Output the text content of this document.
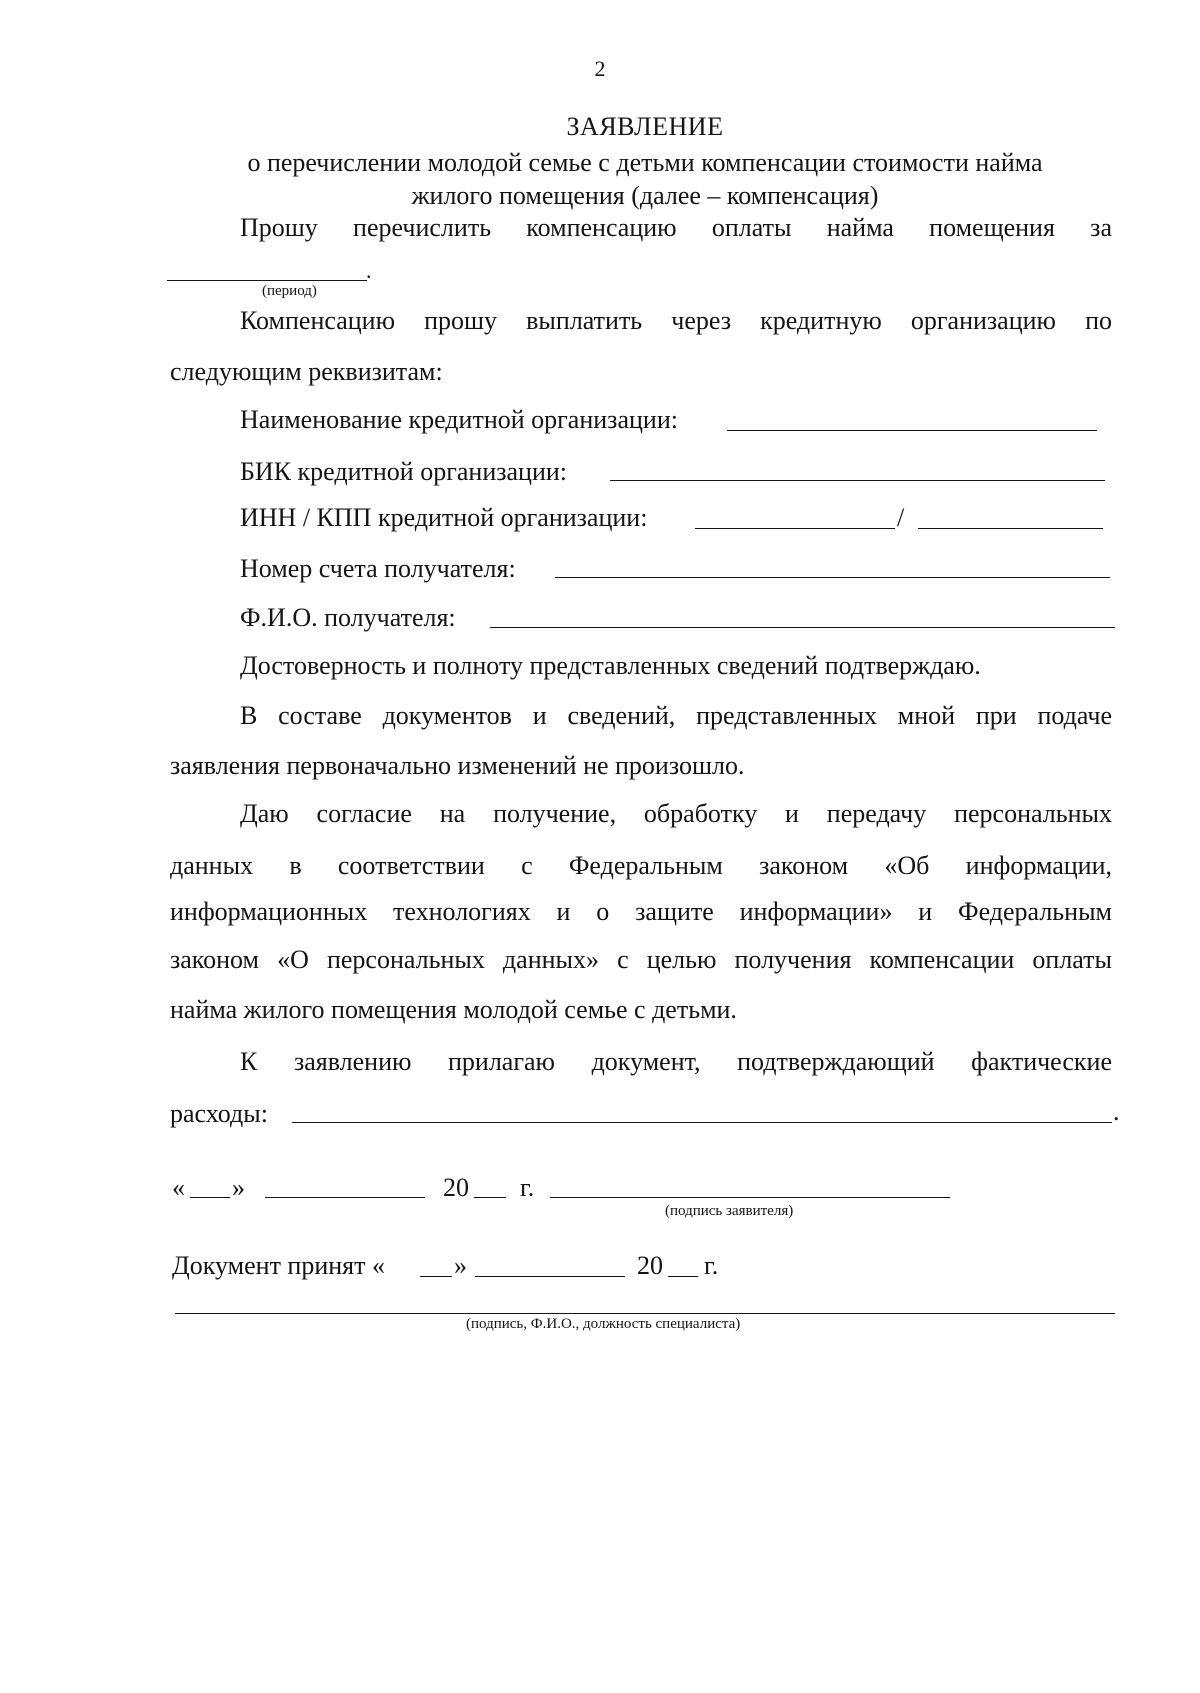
2
ЗАЯВЛЕНИЕ
о перечислении молодой семье с детьми компенсации стоимости найма
жилого помещения (далее – компенсация)
Прошу перечислить компенсацию оплаты найма помещения за
.
(период)
Компенсацию прошу выплатить через кредитную организацию по
следующим реквизитам:
Наименование кредитной организации:
БИК кредитной организации:
ИНН / КПП кредитной организации:	/
Номер счета получателя:
Ф.И.О. получателя:
Достоверность и полноту представленных сведений подтверждаю.
В составе документов и сведений, представленных мной при подаче
заявления первоначально изменений не произошло.
Даю согласие на получение, обработку и передачу персональных
данных в соответствии с Федеральным законом «Об информации,
информационных технологиях и о защите информации» и Федеральным
законом «О персональных данных» с целью получения компенсации оплаты
найма жилого помещения молодой семье с детьми.
К заявлению прилагаю документ, подтверждающий фактические
расходы:	.
« »	20 г.
(подпись заявителя)
Документ принят «	»	20 г.
(подпись, Ф.И.О., должность специалиста)
